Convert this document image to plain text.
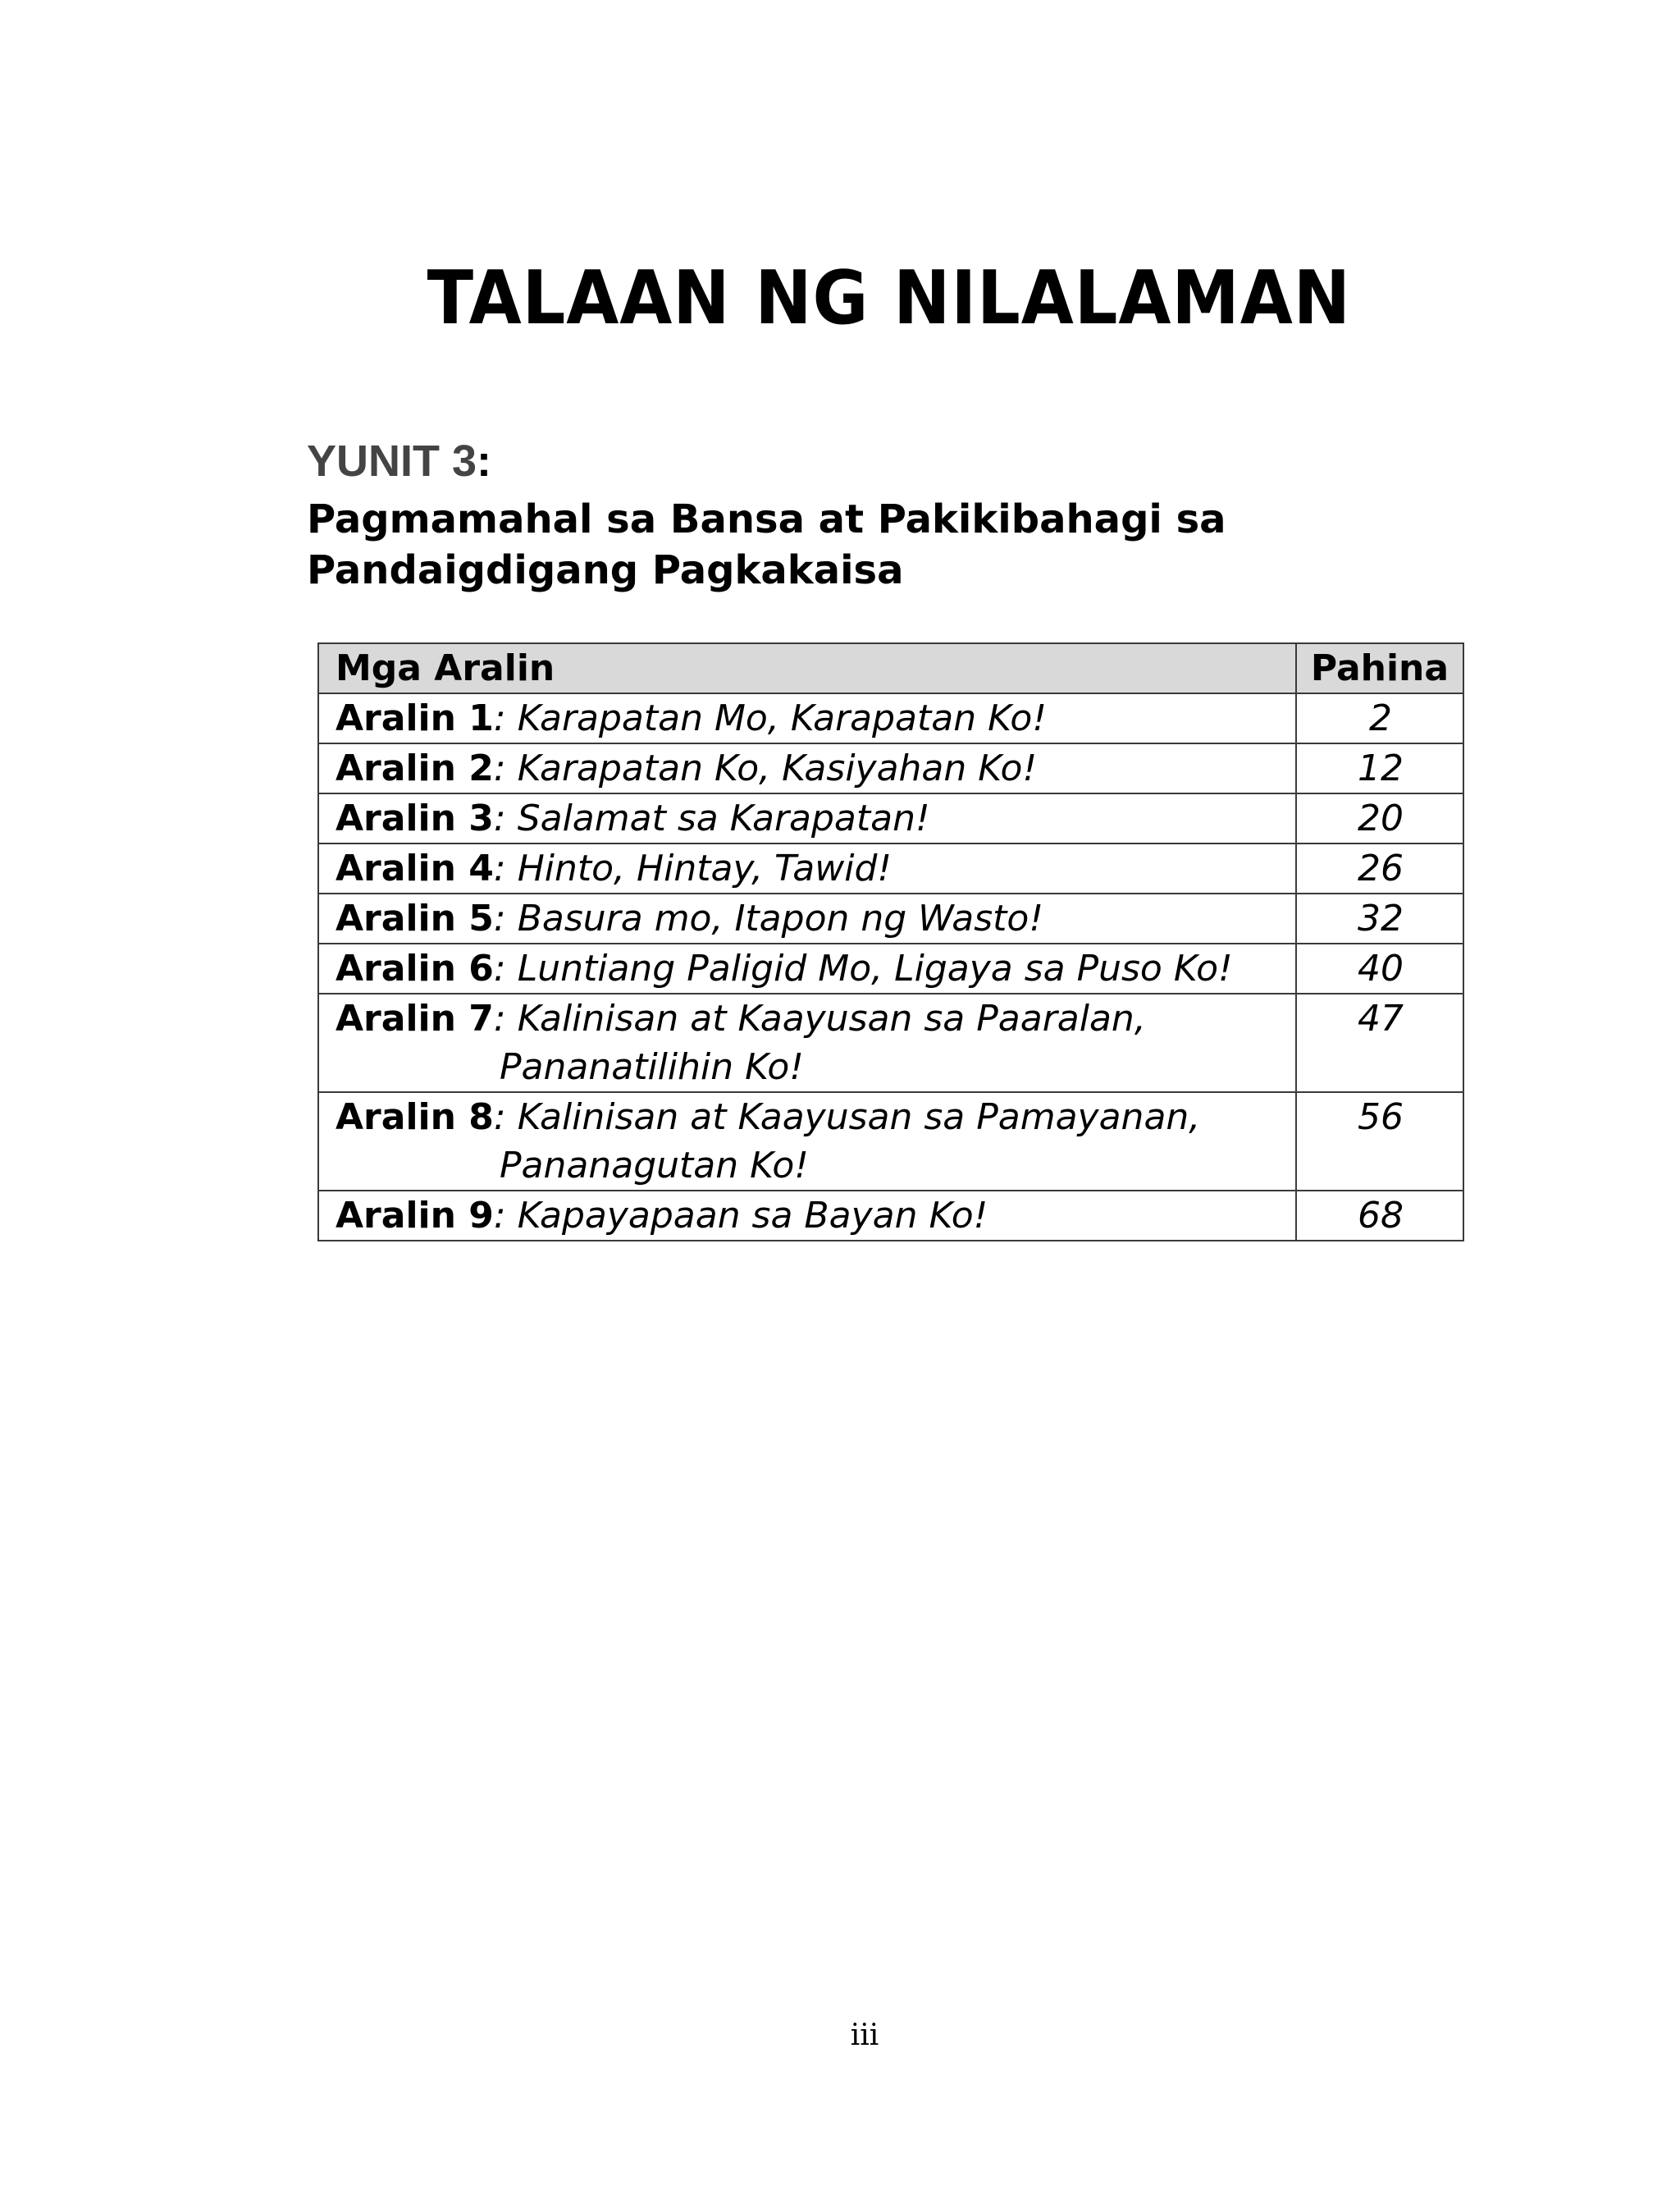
TALAAN NG NILALAMAN
YUNIT 3:
Pagmamahal sa Bansa at Pakikibahagi sa
Pandaigdigang Pagkakaisa
Mga Aralin	Pahina
Aralin 1: Karapatan Mo, Karapatan Ko!	2
Aralin 2: Karapatan Ko, Kasiyahan Ko!	12
Aralin 3: Salamat sa Karapatan!	20
Aralin 4: Hinto, Hintay, Tawid!	26
Aralin 5: Basura mo, Itapon ng Wasto!	32
Aralin 6: Luntiang Paligid Mo, Ligaya sa Puso Ko!	40
Aralin 7: Kalinisan at Kaayusan sa Paaralan,
Pananatilihin Ko!	47
Aralin 8: Kalinisan at Kaayusan sa Pamayanan,
Pananagutan Ko!	56
Aralin 9: Kapayapaan sa Bayan Ko!	68
iii
